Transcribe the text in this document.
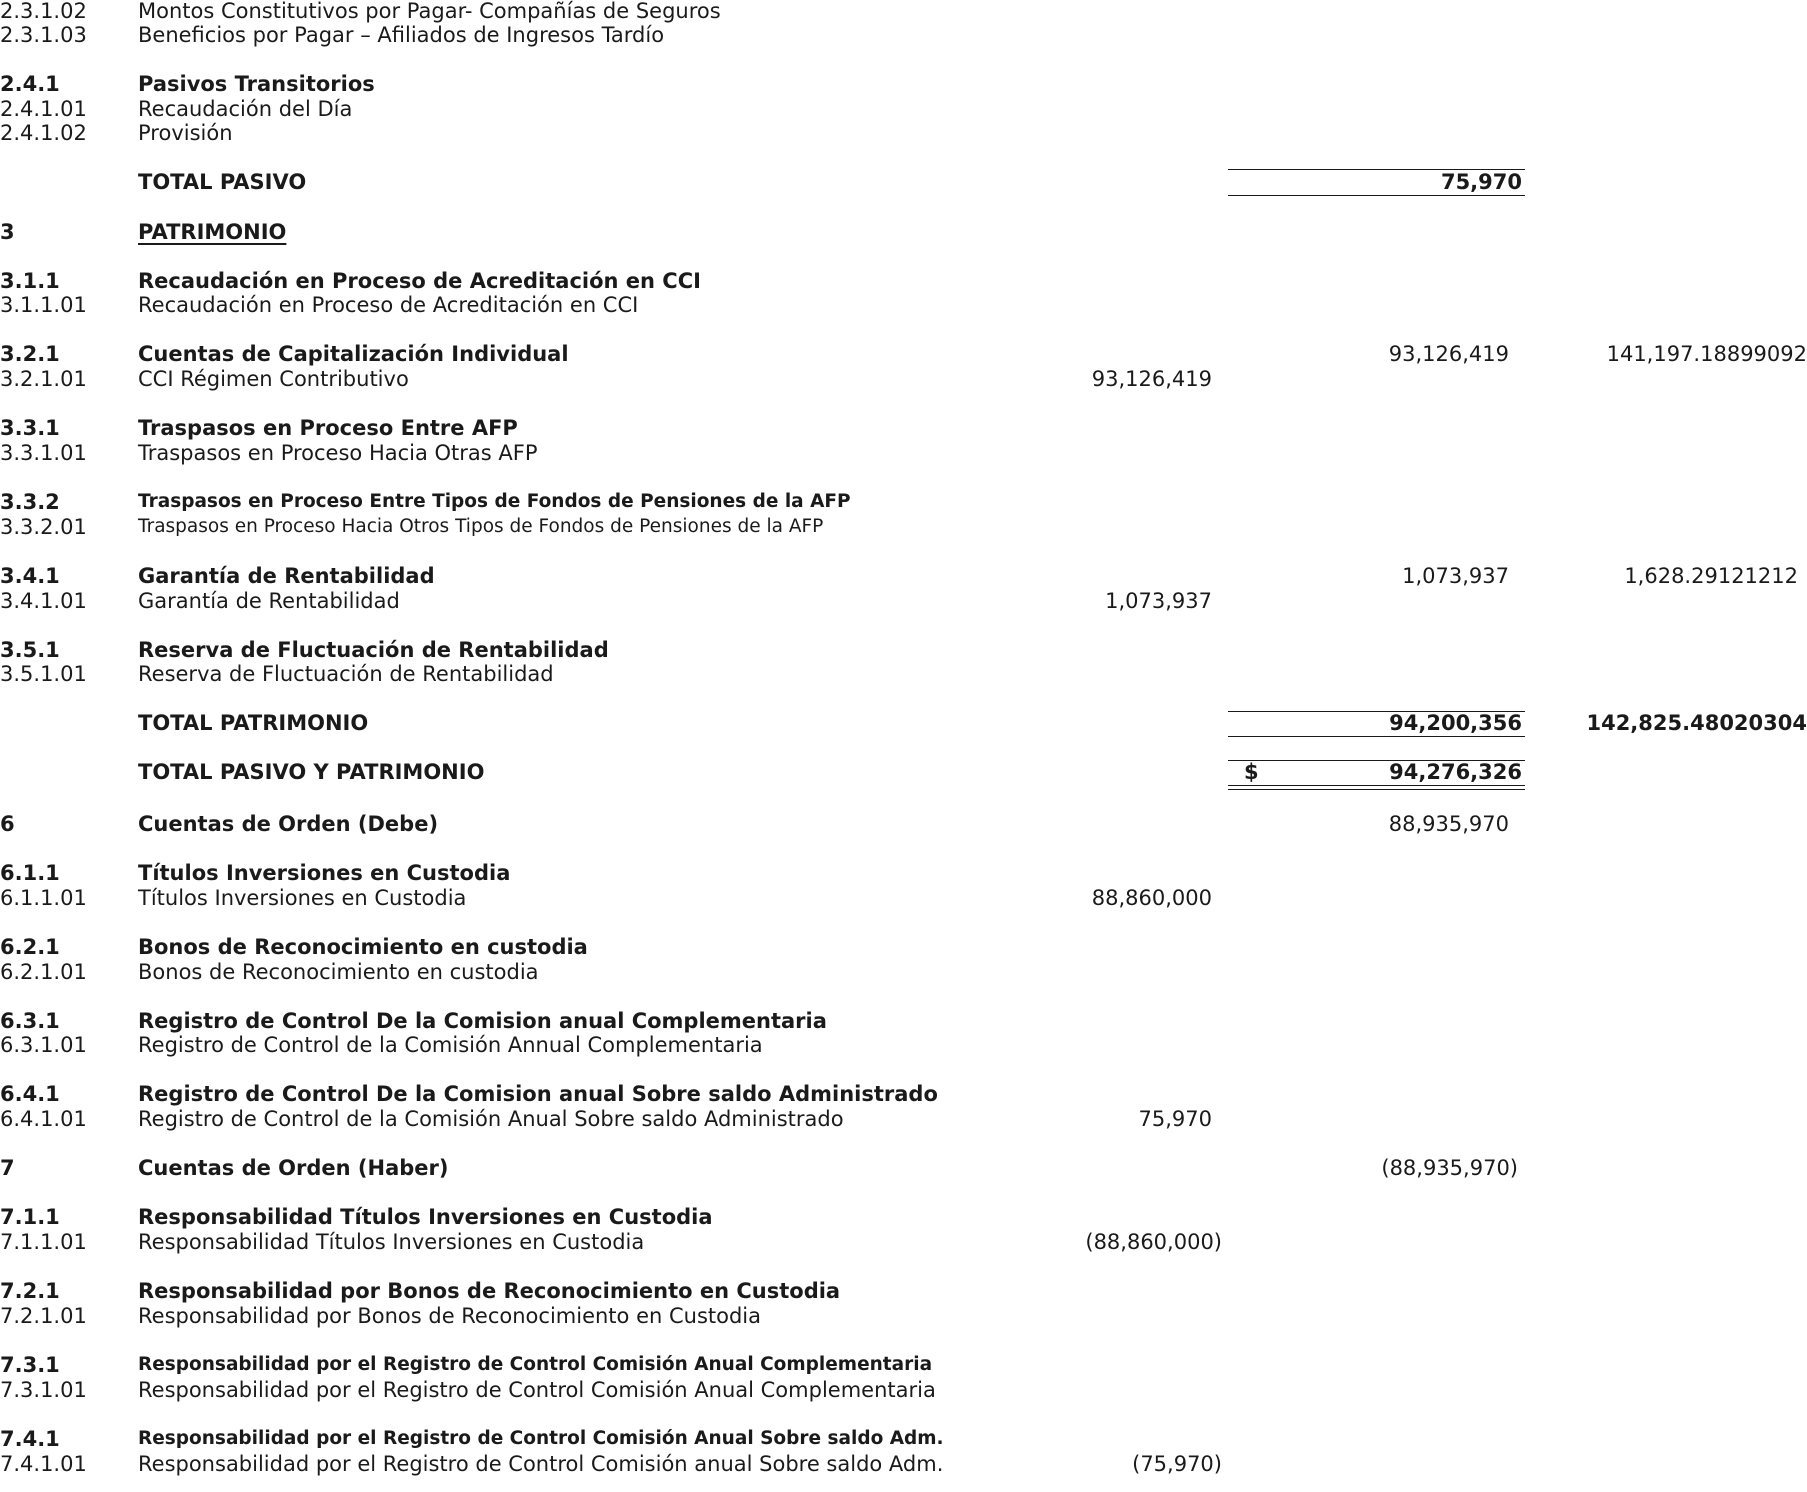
2.3.1.02 Montos Constitutivos por Pagar- Compañías de Seguros
2.3.1.03 Beneficios por Pagar – Afiliados de Ingresos Tardío
2.4.1	Pasivos Transitorios
2.4.1.01 Recaudación del Día
2.4.1.02 Provisión
TOTAL PASIVO	75,970
3	PATRIMONIO
3.1.1	Recaudación en Proceso de Acreditación en CCI
3.1.1.01 Recaudación en Proceso de Acreditación en CCI
3.2.1	Cuentas de Capitalización Individual	93,126,419	141,197.18899092
3.2.1.01 CCI Régimen Contributivo	93,126,419
3.3.1	Traspasos en Proceso Entre AFP
3.3.1.01 Traspasos en Proceso Hacia Otras AFP
3.3.2	Traspasos en Proceso Entre Tipos de Fondos de Pensiones de la AFP
3.3.2.01	Traspasos en Proceso Hacia Otros Tipos de Fondos de Pensiones de la AFP
3.4.1	Garantía de Rentabilidad	1,073,937	1,628.29121212
3.4.1.01 Garantía de Rentabilidad	1,073,937
3.5.1	Reserva de Fluctuación de Rentabilidad
3.5.1.01 Reserva de Fluctuación de Rentabilidad
TOTAL PATRIMONIO	94,200,356	142,825.48020304
TOTAL PASIVO Y PATRIMONIO	$	94,276,326
6	Cuentas de Orden (Debe)	88,935,970
6.1.1	Títulos Inversiones en Custodia
6.1.1.01 Títulos Inversiones en Custodia	88,860,000
6.2.1	Bonos de Reconocimiento en custodia
6.2.1.01 Bonos de Reconocimiento en custodia
6.3.1	Registro de Control De la Comision anual Complementaria
6.3.1.01 Registro de Control de la Comisión Annual Complementaria
6.4.1	Registro de Control De la Comision anual Sobre saldo Administrado
6.4.1.01 Registro de Control de la Comisión Anual Sobre saldo Administrado	75,970
7	Cuentas de Orden (Haber)	(88,935,970)
7.1.1	Responsabilidad Títulos Inversiones en Custodia
7.1.1.01 Responsabilidad Títulos Inversiones en Custodia	(88,860,000)
7.2.1	Responsabilidad por Bonos de Reconocimiento en Custodia
7.2.1.01 Responsabilidad por Bonos de Reconocimiento en Custodia
7.3.1	Responsabilidad por el Registro de Control Comisión Anual Complementaria
7.3.1.01 Responsabilidad por el Registro de Control Comisión Anual Complementaria
7.4.1	Responsabilidad por el Registro de Control Comisión Anual Sobre saldo Adm.
7.4.1.01 Responsabilidad por el Registro de Control Comisión anual Sobre saldo Adm.	(75,970)
